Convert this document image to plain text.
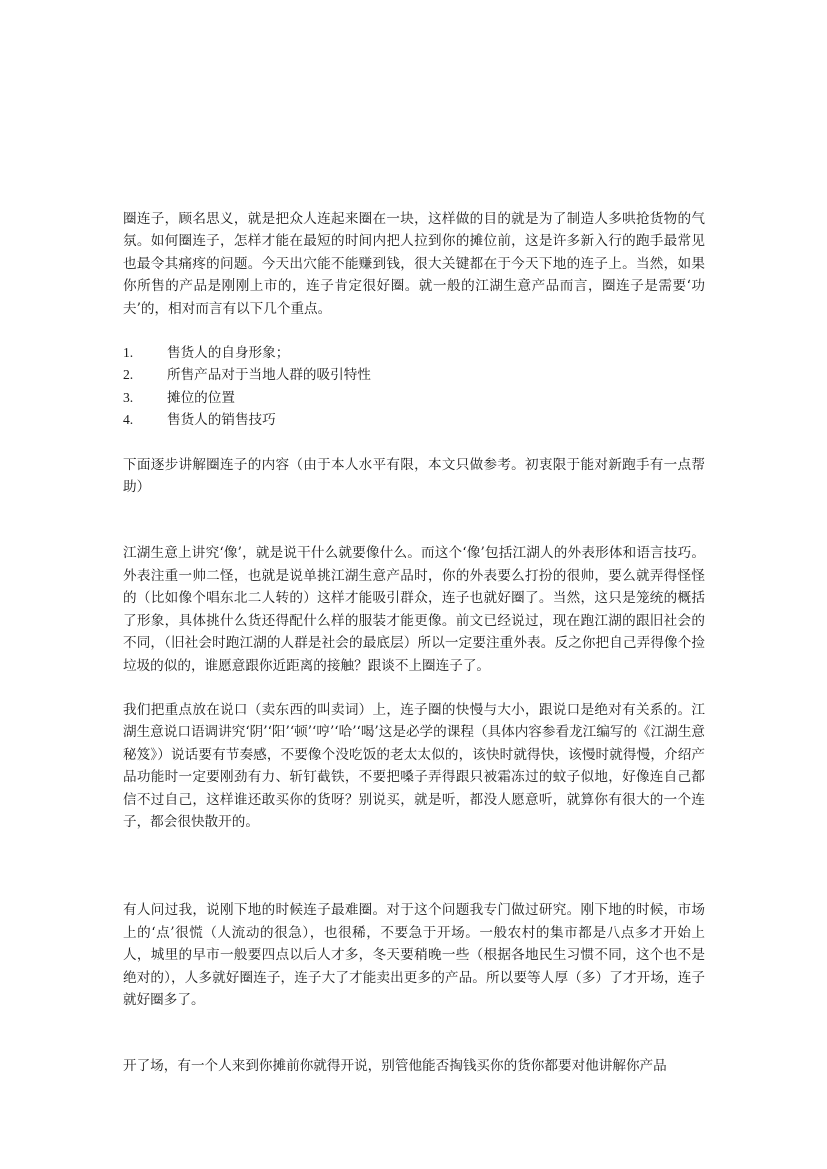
圈连子，顾名思义，就是把众人连起来圈在一块，这样做的目的就是为了制造人多哄抢货物的气氛。如何圈连子，怎样才能在最短的时间内把人拉到你的摊位前，这是许多新入行的跑手最常见也最令其痛疼的问题。今天出穴能不能赚到钱，很大关键都在于今天下地的连子上。当然，如果你所售的产品是刚刚上市的，连子肯定很好圈。就一般的江湖生意产品而言，圈连子是需要‘功夫’的，相对而言有以下几个重点。

1.	售货人的自身形象；
2.	所售产品对于当地人群的吸引特性
3.	摊位的位置
4.	售货人的销售技巧

下面逐步讲解圈连子的内容（由于本人水平有限，本文只做参考。初衷限于能对新跑手有一点帮助）

江湖生意上讲究‘像’，就是说干什么就要像什么。而这个‘像’包括江湖人的外表形体和语言技巧。外表注重一帅二怪，也就是说单挑江湖生意产品时，你的外表要么打扮的很帅，要么就弄得怪怪的（比如像个唱东北二人转的）这样才能吸引群众，连子也就好圈了。当然，这只是笼统的概括了形象，具体挑什么货还得配什么样的服装才能更像。前文已经说过，现在跑江湖的跟旧社会的不同，（旧社会时跑江湖的人群是社会的最底层）所以一定要注重外表。反之你把自己弄得像个捡垃圾的似的，谁愿意跟你近距离的接触？跟谈不上圈连子了。

我们把重点放在说口（卖东西的叫卖词）上，连子圈的快慢与大小，跟说口是绝对有关系的。江湖生意说口语调讲究‘阴’‘阳’‘顿’‘哼’‘哈’‘喝’这是必学的课程（具体内容参看龙江编写的《江湖生意秘笈》）说话要有节奏感，不要像个没吃饭的老太太似的，该快时就得快，该慢时就得慢，介绍产品功能时一定要刚劲有力、斩钉截铁，不要把嗓子弄得跟只被霜冻过的蚊子似地，好像连自己都信不过自己，这样谁还敢买你的货呀？别说买，就是听，都没人愿意听，就算你有很大的一个连子，都会很快散开的。

有人问过我，说刚下地的时候连子最难圈。对于这个问题我专门做过研究。刚下地的时候，市场上的‘点’很慌（人流动的很急），也很稀，不要急于开场。一般农村的集市都是八点多才开始上人，城里的早市一般要四点以后人才多，冬天要稍晚一些（根据各地民生习惯不同，这个也不是绝对的），人多就好圈连子，连子大了才能卖出更多的产品。所以要等人厚（多）了才开场，连子就好圈多了。

开了场，有一个人来到你摊前你就得开说，别管他能否掏钱买你的货你都要对他讲解你产品
